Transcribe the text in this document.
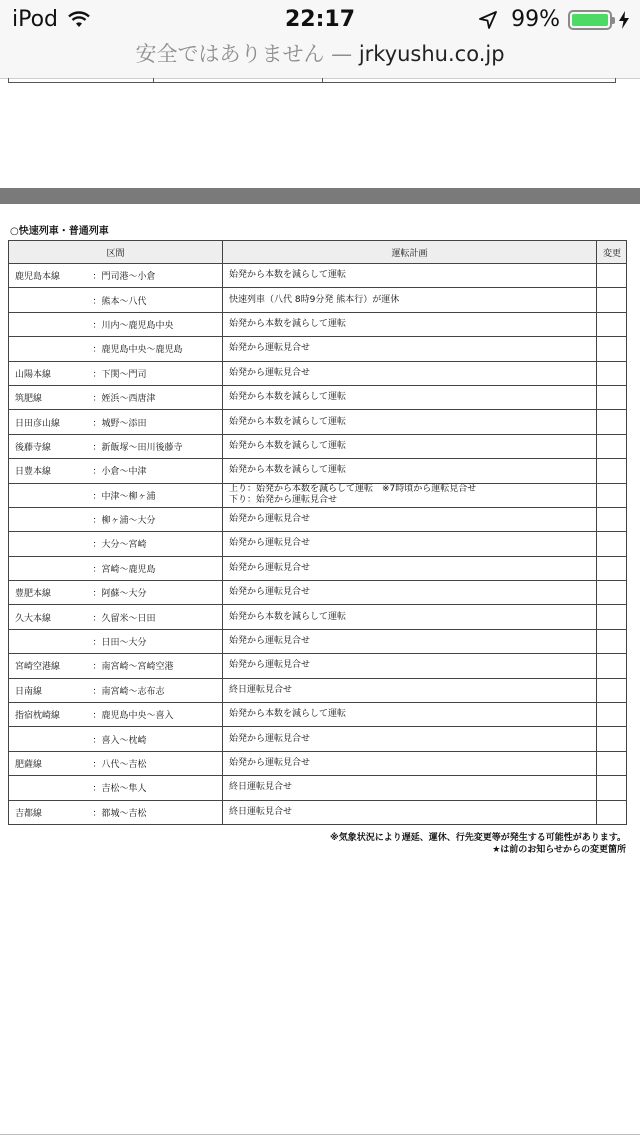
iPod	22:17	99%
安全ではありません — jrkyushu.co.jp
○快速列車・普通列車
区間		運転計画	変更
鹿児島本線	：門司港～小倉	始発から本数を減らして運転	

	：熊本～八代	快速列車（八代 8時9分発 熊本行）が運休	

	：川内～鹿児島中央	始発から本数を減らして運転	

	：鹿児島中央～鹿児島	始発から運転見合せ	

山陽本線	：下関～門司	始発から運転見合せ	

筑肥線	：姪浜～西唐津	始発から本数を減らして運転	

日田彦山線	：城野～添田	始発から本数を減らして運転	

後藤寺線	：新飯塚～田川後藤寺	始発から本数を減らして運転	

日豊本線	：小倉～中津	始発から本数を減らして運転	

	：中津～柳ヶ浦	上り：始発から本数を減らして運転　※7時頃から運転見合せ
下り：始発から運転見合せ	

	：柳ヶ浦～大分	始発から運転見合せ	

	：大分～宮崎	始発から運転見合せ	

	：宮崎～鹿児島	始発から運転見合せ	

豊肥本線	：阿蘇～大分	始発から運転見合せ	

久大本線	：久留米～日田	始発から本数を減らして運転	

	：日田～大分	始発から運転見合せ	

宮崎空港線	：南宮崎～宮崎空港	始発から運転見合せ	

日南線	：南宮崎～志布志	終日運転見合せ	

指宿枕崎線	：鹿児島中央～喜入	始発から本数を減らして運転	

	：喜入～枕崎	始発から運転見合せ	

肥薩線	：八代～吉松	始発から運転見合せ	

	：吉松～隼人	終日運転見合せ	

吉都線	：都城～吉松	終日運転見合せ	

※気象状況により遅延、運休、行先変更等が発生する可能性があります。
★は前のお知らせからの変更箇所
